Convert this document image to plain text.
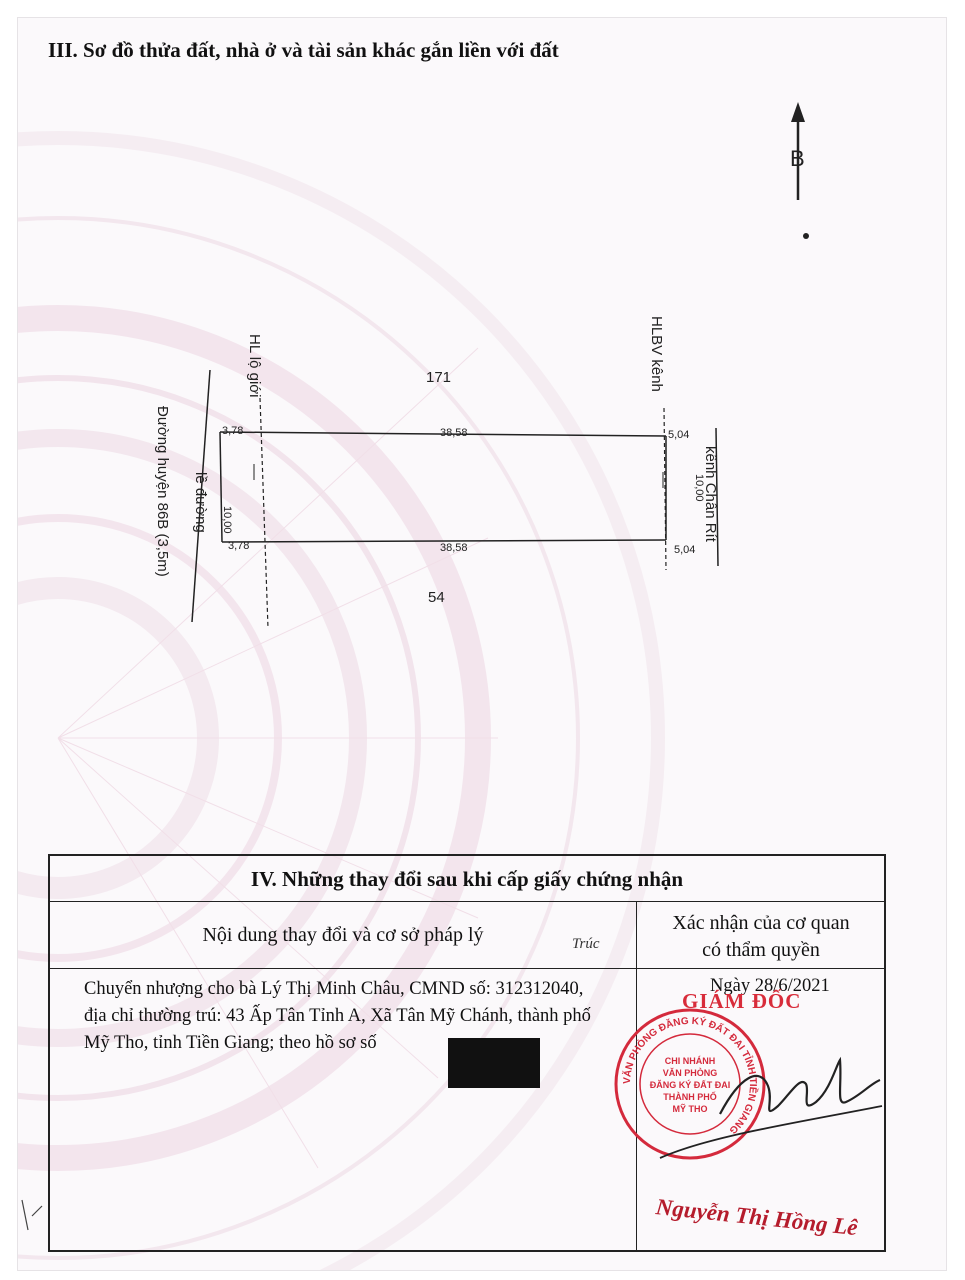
III. Sơ đồ thửa đất, nhà ở và tài sản khác gắn liền với đất
B
171
54
3,78	38,58	5,04
3,78	38,58	5,04
10,00
10,00
HL lộ giới	HLBV kênh
lề đường
Đường huyện 86B (3,5m)	kênh Chân Rít
IV. Những thay đổi sau khi cấp giấy chứng nhận
Nội dung thay đổi và cơ sở pháp lý
Xác nhận của cơ quan
có thẩm quyền
Trúc
Chuyển nhượng cho bà Lý Thị Minh Châu, CMND số: 312312040,
địa chỉ thường trú: 43 Ấp Tân Tỉnh A, Xã Tân Mỹ Chánh, thành phố
Mỹ Tho, tỉnh Tiền Giang; theo hồ sơ số
Ngày 28/6/2021
VĂN PHÒNG ĐĂNG KÝ ĐẤT ĐAI TỈNH TIỀN GIANG
CHI NHÁNH
VĂN PHÒNG
ĐĂNG KÝ ĐẤT ĐAI
THÀNH PHỐ
MỸ THO
GIÁM ĐỐC
Nguyễn Thị Hồng Lê
